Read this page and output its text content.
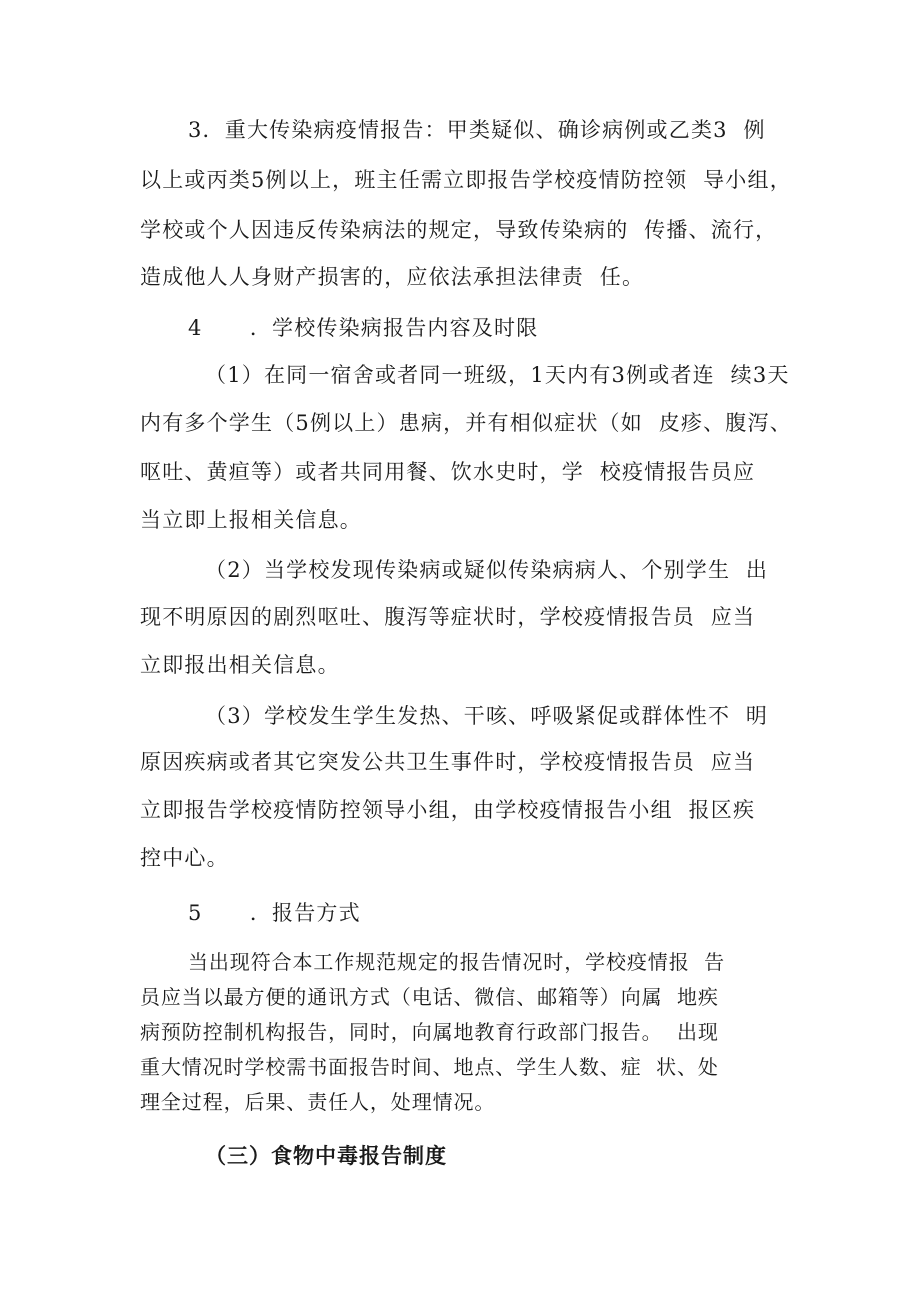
3．重大传染病疫情报告：甲类疑似、确诊病例或乙类3  例
以上或丙类5例以上，班主任需立即报告学校疫情防控领  导小组，
学校或个人因违反传染病法的规定，导致传染病的  传播、流行，
造成他人人身财产损害的，应依法承担法律责  任。
4      ．学校传染病报告内容及时限
（1）在同一宿舍或者同一班级，1天内有3例或者连  续3天
内有多个学生（5例以上）患病，并有相似症状（如  皮疹、腹泻、
呕吐、黄疸等）或者共同用餐、饮水史时，学  校疫情报告员应
当立即上报相关信息。
（2）当学校发现传染病或疑似传染病病人、个别学生  出
现不明原因的剧烈呕吐、腹泻等症状时，学校疫情报告员  应当
立即报出相关信息。
（3）学校发生学生发热、干咳、呼吸紧促或群体性不  明
原因疾病或者其它突发公共卫生事件时，学校疫情报告员  应当
立即报告学校疫情防控领导小组，由学校疫情报告小组  报区疾
控中心。
5      ．报告方式
当出现符合本工作规范规定的报告情况时，学校疫情报  告
员应当以最方便的通讯方式（电话、微信、邮箱等）向属  地疾
病预防控制机构报告，同时，向属地教育行政部门报告。  出现
重大情况时学校需书面报告时间、地点、学生人数、症  状、处
理全过程，后果、责任人，处理情况。
（三）食物中毒报告制度
